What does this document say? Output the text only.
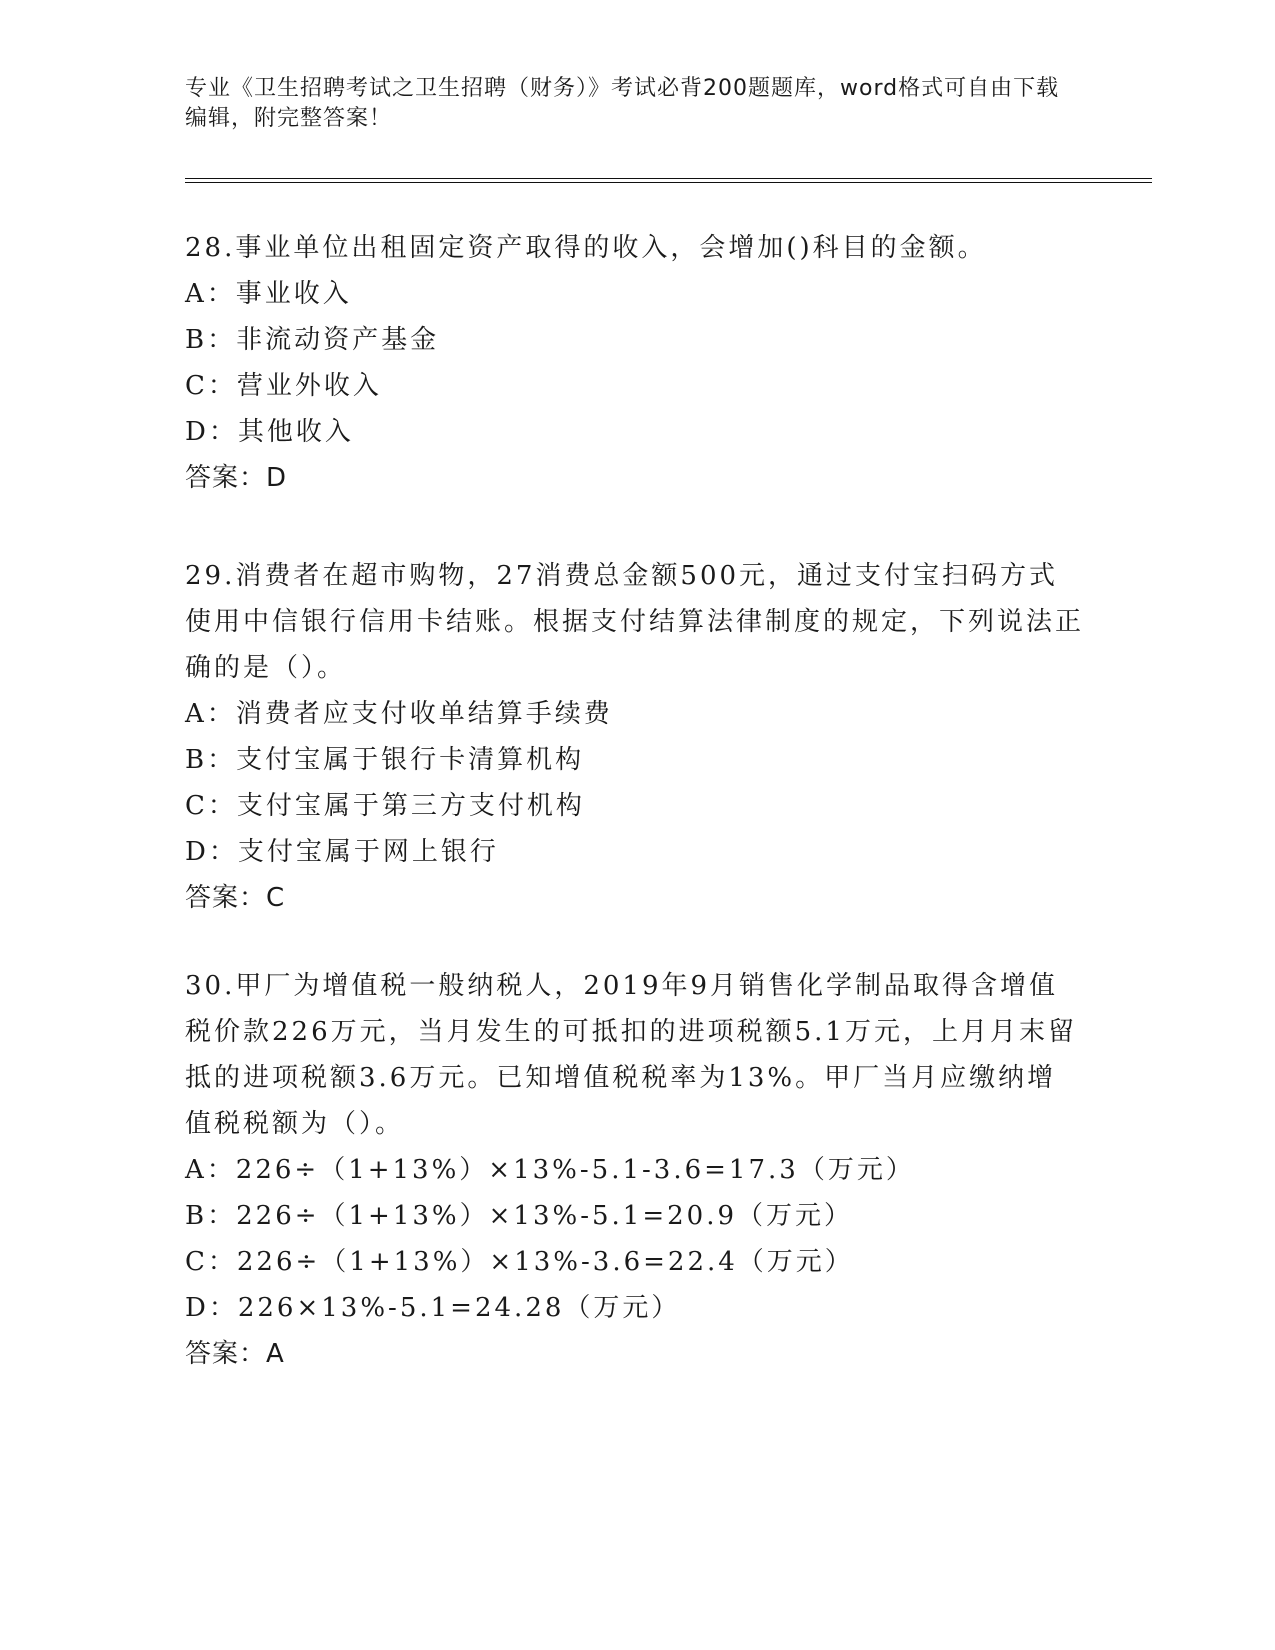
专业《卫生招聘考试之卫生招聘（财务）》考试必背200题题库，word格式可自由下载编辑，附完整答案！
28.事业单位出租固定资产取得的收入，会增加()科目的金额。
A：事业收入
B：非流动资产基金
C：营业外收入
D：其他收入
答案：D
29.消费者在超市购物，27消费总金额500元，通过支付宝扫码方式使用中信银行信用卡结账。根据支付结算法律制度的规定，下列说法正确的是（）。
A：消费者应支付收单结算手续费
B：支付宝属于银行卡清算机构
C：支付宝属于第三方支付机构
D：支付宝属于网上银行
答案：C
30.甲厂为增值税一般纳税人，2019年9月销售化学制品取得含增值税价款226万元，当月发生的可抵扣的进项税额5.1万元，上月月末留抵的进项税额3.6万元。已知增值税税率为13%。甲厂当月应缴纳增值税税额为（）。
A：226÷（1+13%）×13%-5.1-3.6=17.3（万元）
B：226÷（1+13%）×13%-5.1=20.9（万元）
C：226÷（1+13%）×13%-3.6=22.4（万元）
D：226×13%-5.1=24.28（万元）
答案：A
